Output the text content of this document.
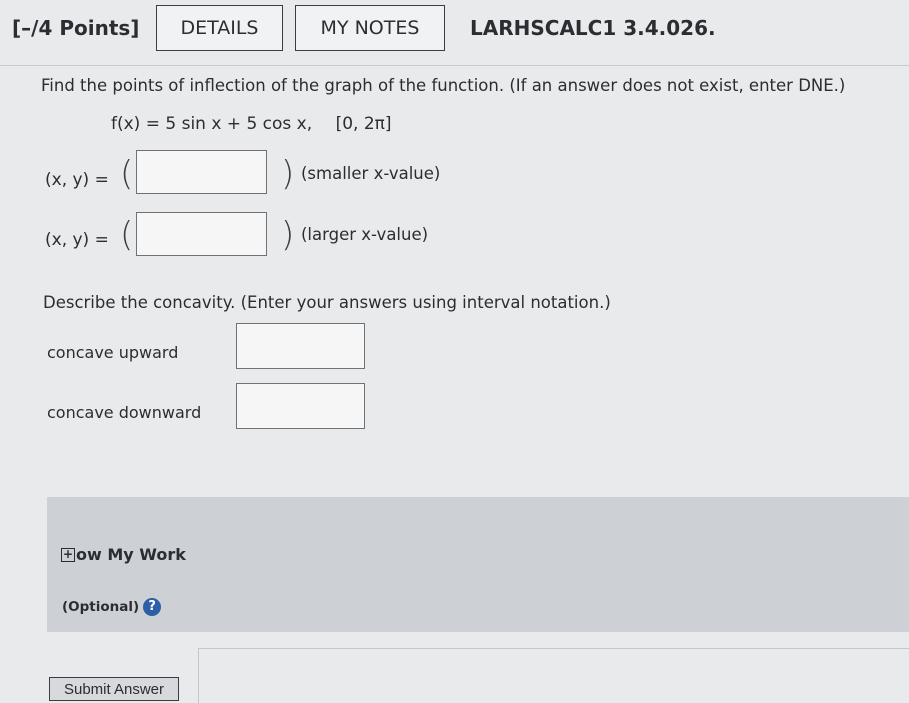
[–/4 Points]	DETAILS	MY NOTES	LARHSCALC1 3.4.026.
Find the points of inflection of the graph of the function. (If an answer does not exist, enter DNE.)
f(x) = 5 sin x + 5 cos x, [0, 2π]
(x, y) = (	) (smaller x-value)
(x, y) = (	) (larger x-value)
Describe the concavity. (Enter your answers using interval notation.)
concave upward
concave downward
+ ow My Work
(Optional) ?
Submit Answer
